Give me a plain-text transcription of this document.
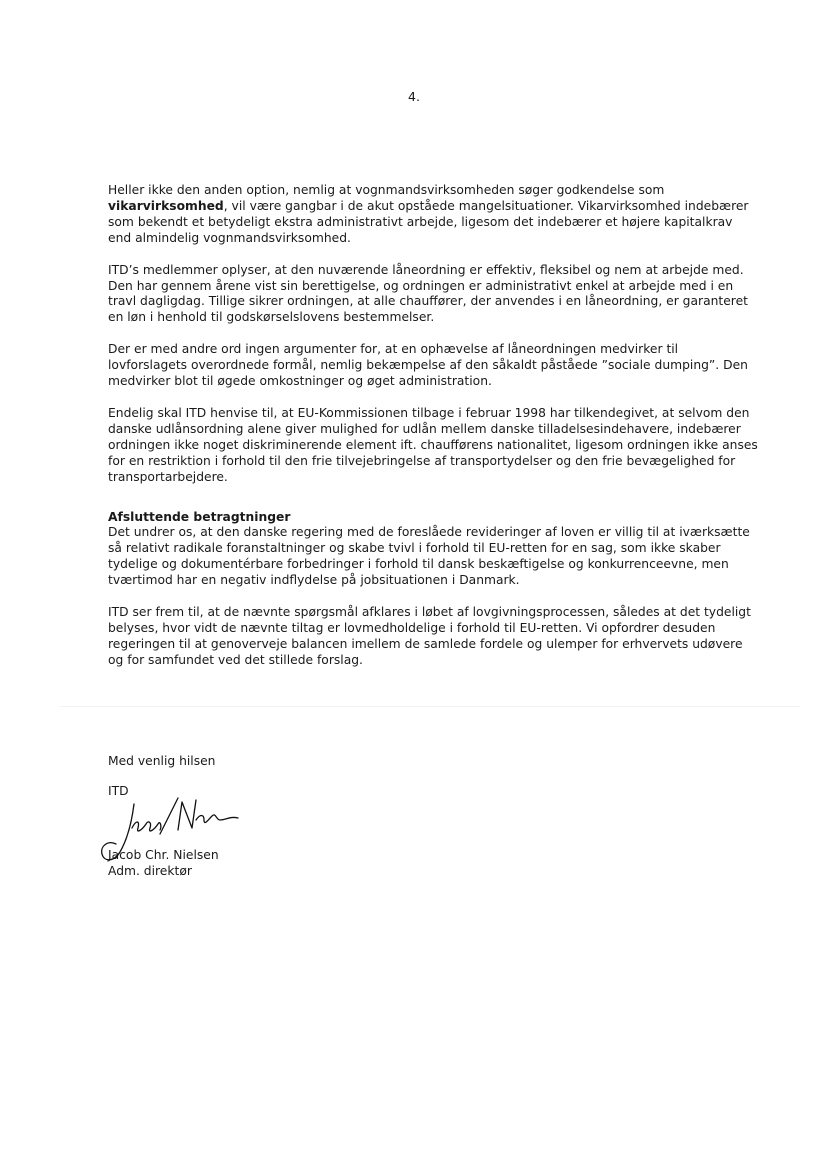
4.

Heller ikke den anden option, nemlig at vognmandsvirksomheden søger godkendelse som vikarvirksomhed, vil være gangbar i de akut opståede mangelsituationer. Vikarvirksomhed indebærer som bekendt et betydeligt ekstra administrativt arbejde, ligesom det indebærer et højere kapitalkrav end almindelig vognmandsvirksomhed.

ITD’s medlemmer oplyser, at den nuværende låneordning er effektiv, fleksibel og nem at arbejde med. Den har gennem årene vist sin berettigelse, og ordningen er administrativt enkel at arbejde med i en travl dagligdag. Tillige sikrer ordningen, at alle chauffører, der anvendes i en låneordning, er garanteret en løn i henhold til godskørselslovens bestemmelser.

Der er med andre ord ingen argumenter for, at en ophævelse af låneordningen medvirker til lovforslagets overordnede formål, nemlig bekæmpelse af den såkaldt påståede ”sociale dumping”. Den medvirker blot til øgede omkostninger og øget administration.

Endelig skal ITD henvise til, at EU-Kommissionen tilbage i februar 1998 har tilkendegivet, at selvom den danske udlånsordning alene giver mulighed for udlån mellem danske tilladelsesindehavere, indebærer ordningen ikke noget diskriminerende element ift. chaufførens nationalitet, ligesom ordningen ikke anses for en restriktion i forhold til den frie tilvejebringelse af transportydelser og den frie bevægelighed for transportarbejdere.

Afsluttende betragtninger

Det undrer os, at den danske regering med de foreslåede revideringer af loven er villig til at iværksætte så relativt radikale foranstaltninger og skabe tvivl i forhold til EU-retten for en sag, som ikke skaber tydelige og dokumentérbare forbedringer i forhold til dansk beskæftigelse og konkurrenceevne, men tværtimod har en negativ indflydelse på jobsituationen i Danmark.

ITD ser frem til, at de nævnte spørgsmål afklares i løbet af lovgivningsprocessen, således at det tydeligt belyses, hvor vidt de nævnte tiltag er lovmedholdelige i forhold til EU-retten. Vi opfordrer desuden regeringen til at genoverveje balancen imellem de samlede fordele og ulemper for erhvervets udøvere og for samfundet ved det stillede forslag.

Med venlig hilsen
ITD
Jacob Chr. Nielsen
Adm. direktør
